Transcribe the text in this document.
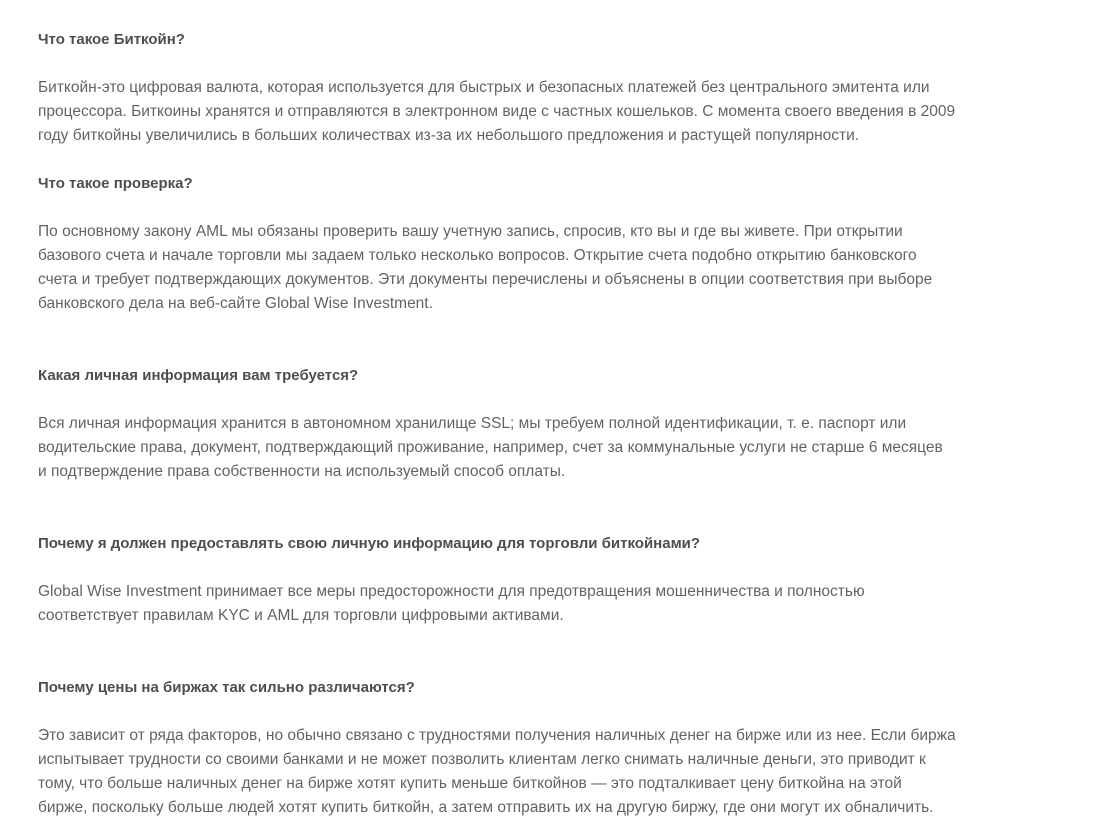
Что такое Биткойн?
Биткойн-это цифровая валюта, которая используется для быстрых и безопасных платежей без центрального эмитента или
процессора. Биткоины хранятся и отправляются в электронном виде с частных кошельков. С момента своего введения в 2009
году биткойны увеличились в больших количествах из-за их небольшого предложения и растущей популярности.
Что такое проверка?
По основному закону AML мы обязаны проверить вашу учетную запись, спросив, кто вы и где вы живете. При открытии
базового счета и начале торговли мы задаем только несколько вопросов. Открытие счета подобно открытию банковского
счета и требует подтверждающих документов. Эти документы перечислены и объяснены в опции соответствия при выборе
банковского дела на веб-сайте Global Wise Investment.
Какая личная информация вам требуется?
Вся личная информация хранится в автономном хранилище SSL; мы требуем полной идентификации, т. е. паспорт или
водительские права, документ, подтверждающий проживание, например, счет за коммунальные услуги не старше 6 месяцев
и подтверждение права собственности на используемый способ оплаты.
Почему я должен предоставлять свою личную информацию для торговли биткойнами?
Global Wise Investment принимает все меры предосторожности для предотвращения мошенничества и полностью
соответствует правилам KYC и AML для торговли цифровыми активами.
Почему цены на биржах так сильно различаются?
Это зависит от ряда факторов, но обычно связано с трудностями получения наличных денег на бирже или из нее. Если биржа
испытывает трудности со своими банками и не может позволить клиентам легко снимать наличные деньги, это приводит к
тому, что больше наличных денег на бирже хотят купить меньше биткойнов — это подталкивает цену биткойна на этой
бирже, поскольку больше людей хотят купить биткойн, а затем отправить их на другую биржу, где они могут их обналичить.
